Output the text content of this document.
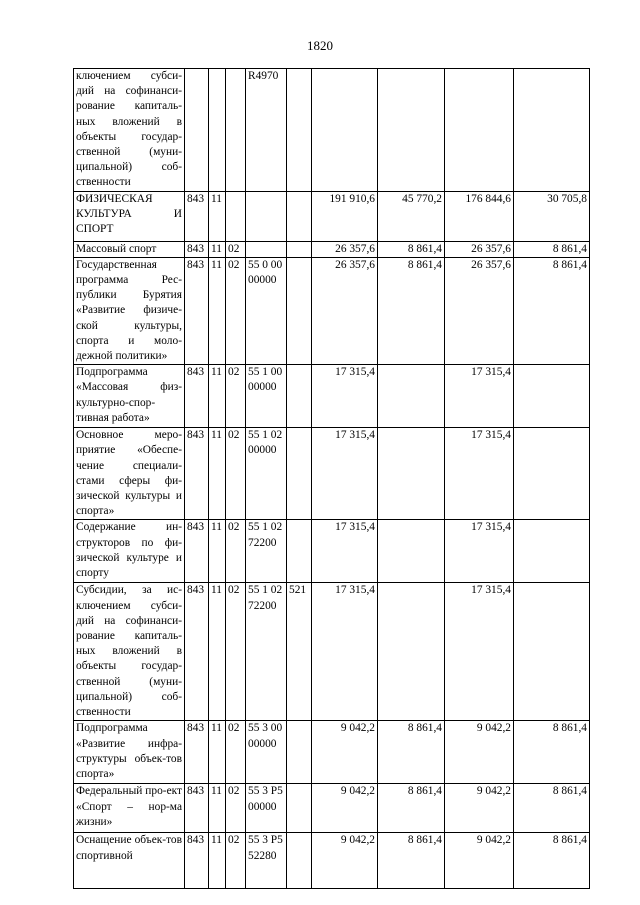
1820
ключением субси-дий на софинанси-рование капиталь-ных вложений в объекты государ-ственной (муни-ципальной) соб-ственности				R4970					
ФИЗИЧЕСКАЯ КУЛЬТУРА И СПОРТ	843	11				191 910,6	45 770,2	176 844,6	30 705,8
Массовый спорт	843	11	02			26 357,6	8 861,4	26 357,6	8 861,4
Государственная программа Рес-публики Бурятия «Развитие физиче-ской культуры, спорта и моло-дежной политики»	843	11	02	55 0 00 00000		26 357,6	8 861,4	26 357,6	8 861,4
Подпрограмма «Массовая физ-культурно-спор-тивная работа»	843	11	02	55 1 00 00000		17 315,4		17 315,4	
Основное меро-приятие «Обеспе-чение специали-стами сферы фи-зической культуры и спорта»	843	11	02	55 1 02 00000		17 315,4		17 315,4	
Содержание ин-структоров по фи-зической культуре и спорту	843	11	02	55 1 02 72200		17 315,4		17 315,4	
Субсидии, за ис-ключением субси-дий на софинанси-рование капиталь-ных вложений в объекты государ-ственной (муни-ципальной) соб-ственности	843	11	02	55 1 02 72200	521	17 315,4		17 315,4	
Подпрограмма «Развитие инфра-структуры объек-тов спорта»	843	11	02	55 3 00 00000		9 042,2	8 861,4	9 042,2	8 861,4
Федеральный про-ект «Спорт – нор-ма жизни»	843	11	02	55 3 P5 00000		9 042,2	8 861,4	9 042,2	8 861,4
Оснащение объек-тов спортивной	843	11	02	55 3 P5 52280		9 042,2	8 861,4	9 042,2	8 861,4
